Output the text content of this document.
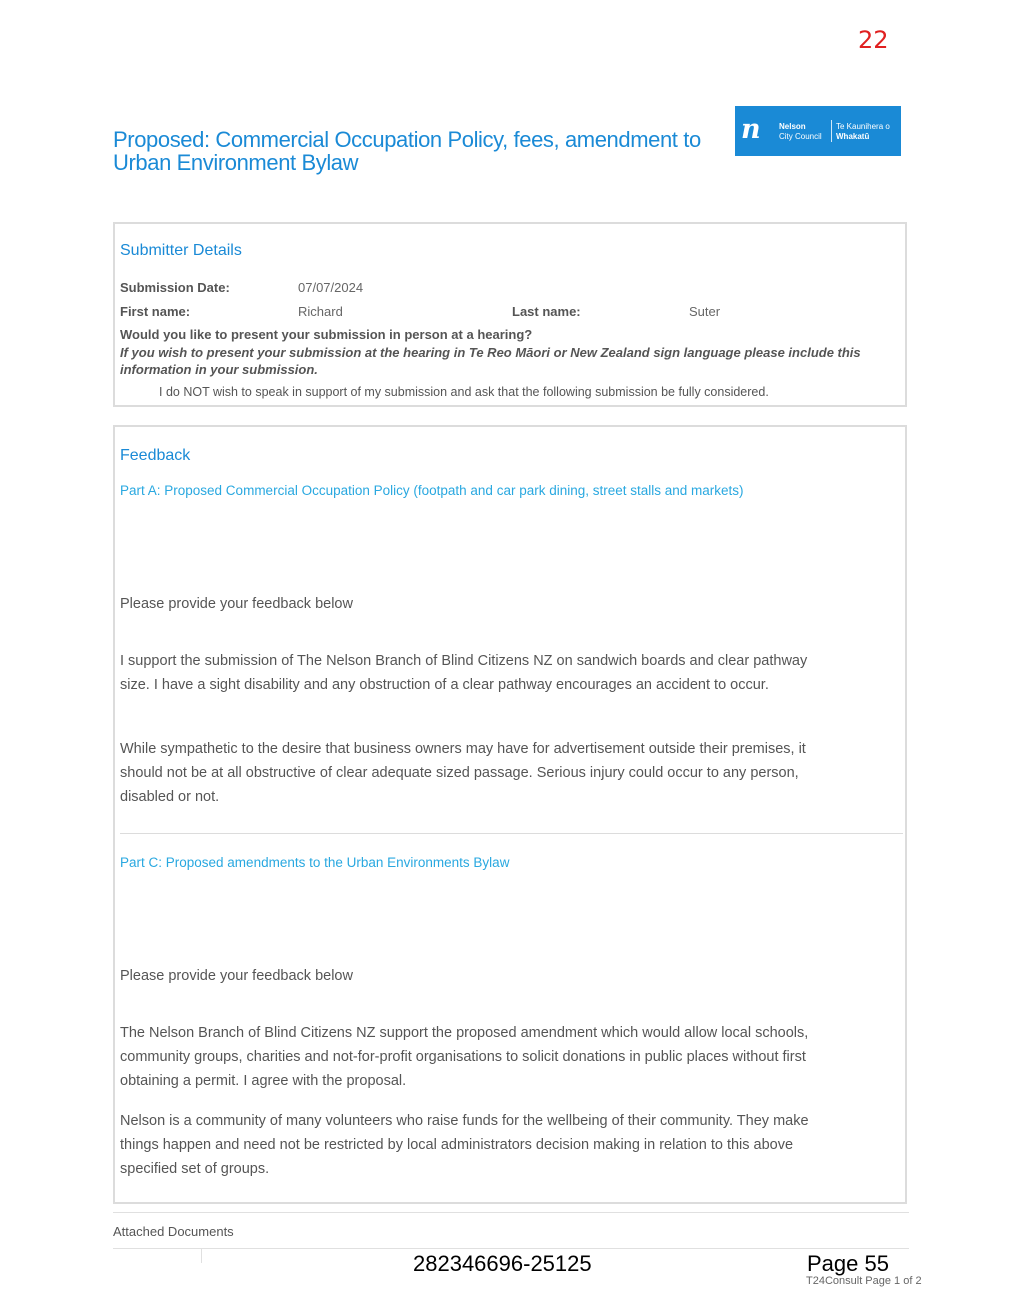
22
Proposed: Commercial Occupation Policy, fees, amendment to Urban Environment Bylaw
n	Nelson
City Council
Te Kaunihera o
Whakatū
Submitter Details
Submission Date:	07/07/2024
First name:	Richard	Last name:	Suter
Would you like to present your submission in person at a hearing?
If you wish to present your submission at the hearing in Te Reo Māori or New Zealand sign language please include this information in your submission.
I do NOT wish to speak in support of my submission and ask that the following submission be fully considered.
Feedback
Part A: Proposed Commercial Occupation Policy (footpath and car park dining, street stalls and markets)
Please provide your feedback below

I support the submission of The Nelson Branch of Blind Citizens NZ on sandwich boards and clear pathway size. I have a sight disability and any obstruction of a clear pathway encourages an accident to occur.

While sympathetic to the desire that business owners may have for advertisement outside their premises, it should not be at all obstructive of clear adequate sized passage. Serious injury could occur to any person, disabled or not.

Part C: Proposed amendments to the Urban Environments Bylaw
Please provide your feedback below

The Nelson Branch of Blind Citizens NZ support the proposed amendment which would allow local schools, community groups, charities and not-for-profit organisations to solicit donations in public places without first obtaining a permit. I agree with the proposal.

Nelson is a community of many volunteers who raise funds for the wellbeing of their community. They make things happen and need not be restricted by local administrators decision making in relation to this above specified set of groups.

Attached Documents
282346696-25125	Page 55
T24Consult Page 1 of 2
